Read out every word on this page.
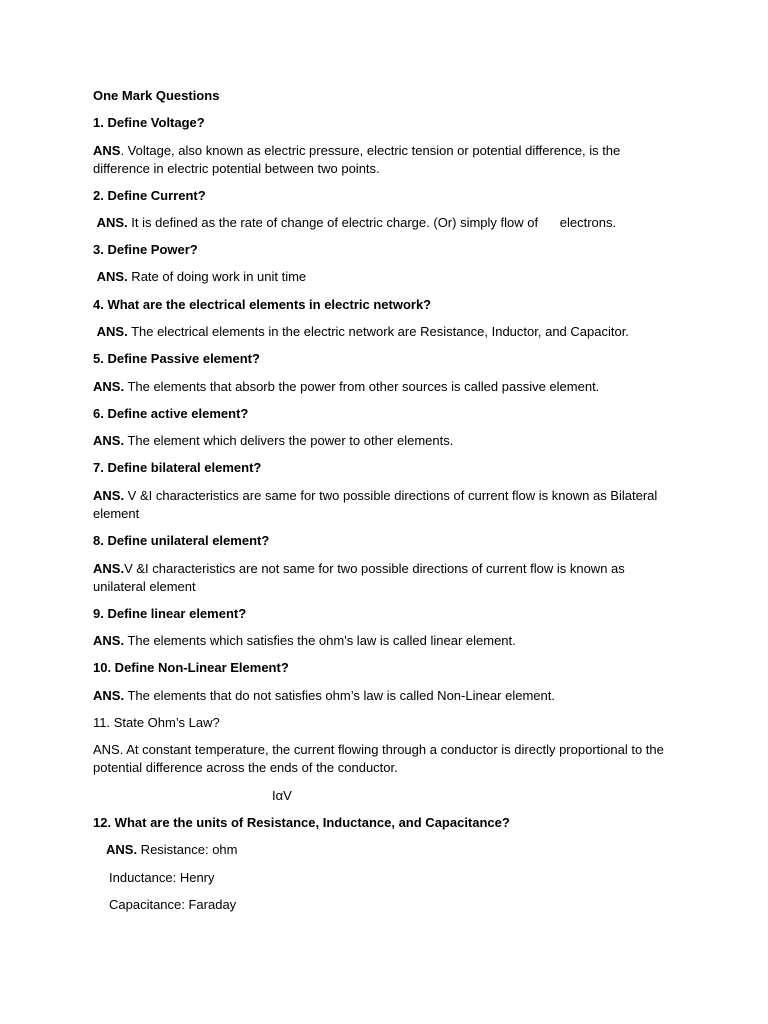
One Mark Questions
1. Define Voltage?
ANS. Voltage, also known as electric pressure, electric tension or potential difference, is the difference in electric potential between two points.
2. Define Current?
ANS. It is defined as the rate of change of electric charge. (Or) simply flow of      electrons.
3. Define Power?
ANS. Rate of doing work in unit time
4. What are the electrical elements in electric network?
ANS. The electrical elements in the electric network are Resistance, Inductor, and Capacitor.
5. Define Passive element?
ANS. The elements that absorb the power from other sources is called passive element.
6. Define active element?
ANS. The element which delivers the power to other elements.
7. Define bilateral element?
ANS. V &I characteristics are same for two possible directions of current flow is known as Bilateral element
8. Define unilateral element?
ANS.V &I characteristics are not same for two possible directions of current flow is known as unilateral element
9. Define linear element?
ANS. The elements which satisfies the ohm's law is called linear element.
10. Define Non-Linear Element?
ANS. The elements that do not satisfies ohm’s law is called Non-Linear element.
11. State Ohm’s Law?
ANS. At constant temperature, the current flowing through a conductor is directly proportional to the potential difference across the ends of the conductor.
IαV
12. What are the units of Resistance, Inductance, and Capacitance?
ANS. Resistance: ohm
Inductance: Henry
Capacitance: Faraday
